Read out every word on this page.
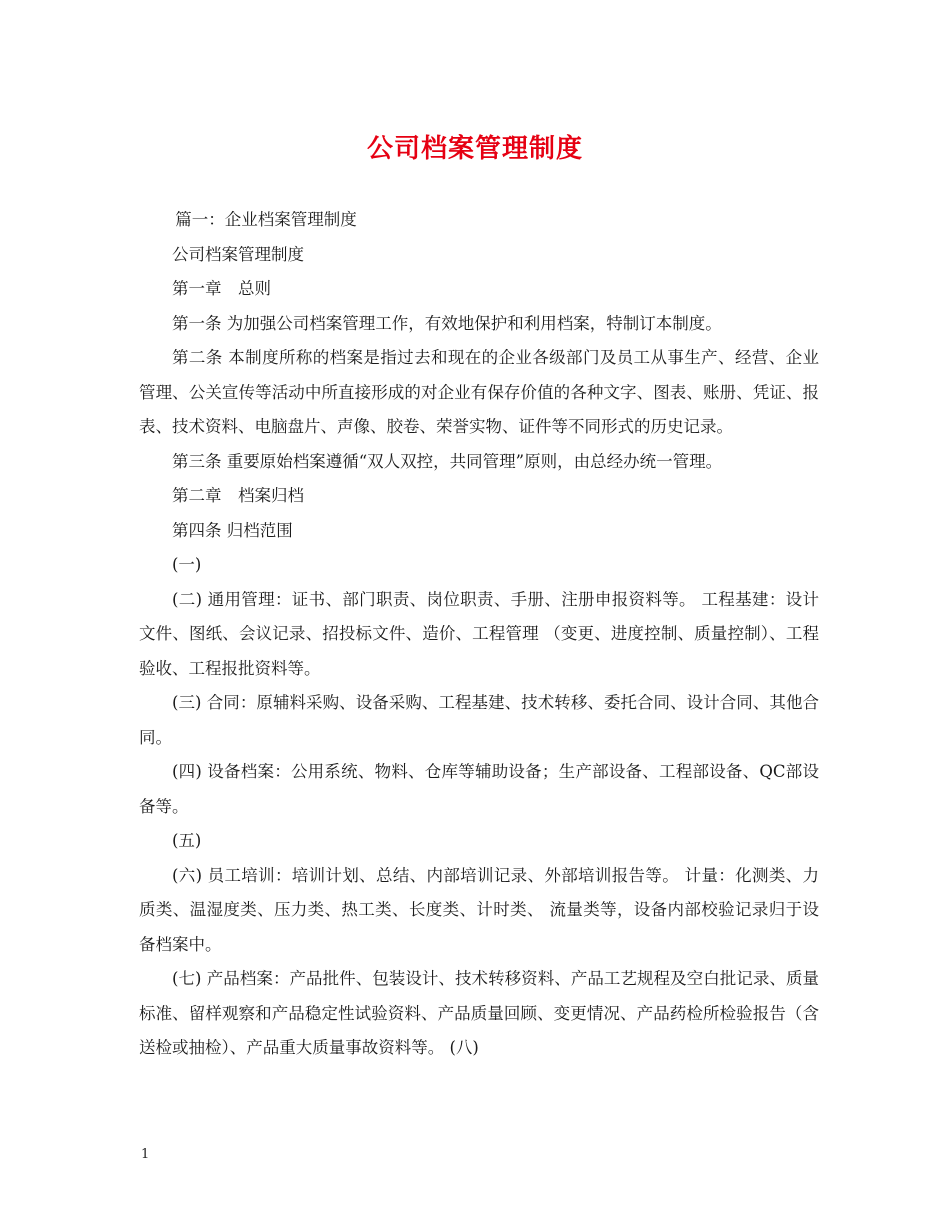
公司档案管理制度

篇一：企业档案管理制度

公司档案管理制度

第一章　总则

第一条 为加强公司档案管理工作，有效地保护和利用档案，特制订本制度。

第二条 本制度所称的档案是指过去和现在的企业各级部门及员工从事生产、经营、企业管理、公关宣传等活动中所直接形成的对企业有保存价值的各种文字、图表、账册、凭证、报表、技术资料、电脑盘片、声像、胶卷、荣誉实物、证件等不同形式的历史记录。

第三条 重要原始档案遵循“双人双控，共同管理”原则，由总经办统一管理。

第二章　档案归档

第四条 归档范围

(一)

(二) 通用管理：证书、部门职责、岗位职责、手册、注册申报资料等。 工程基建：设计文件、图纸、会议记录、招投标文件、造价、工程管理 （变更、进度控制、质量控制）、工程验收、工程报批资料等。

(三) 合同：原辅料采购、设备采购、工程基建、技术转移、委托合同、设计合同、其他合同。

(四) 设备档案：公用系统、物料、仓库等辅助设备；生产部设备、工程部设备、QC部设备等。

(五)

(六) 员工培训：培训计划、总结、内部培训记录、外部培训报告等。 计量：化测类、力质类、温湿度类、压力类、热工类、长度类、计时类、 流量类等，设备内部校验记录归于设备档案中。

(七) 产品档案：产品批件、包装设计、技术转移资料、产品工艺规程及空白批记录、质量标准、留样观察和产品稳定性试验资料、产品质量回顾、变更情况、产品药检所检验报告（含送检或抽检）、产品重大质量事故资料等。 (八)

1
